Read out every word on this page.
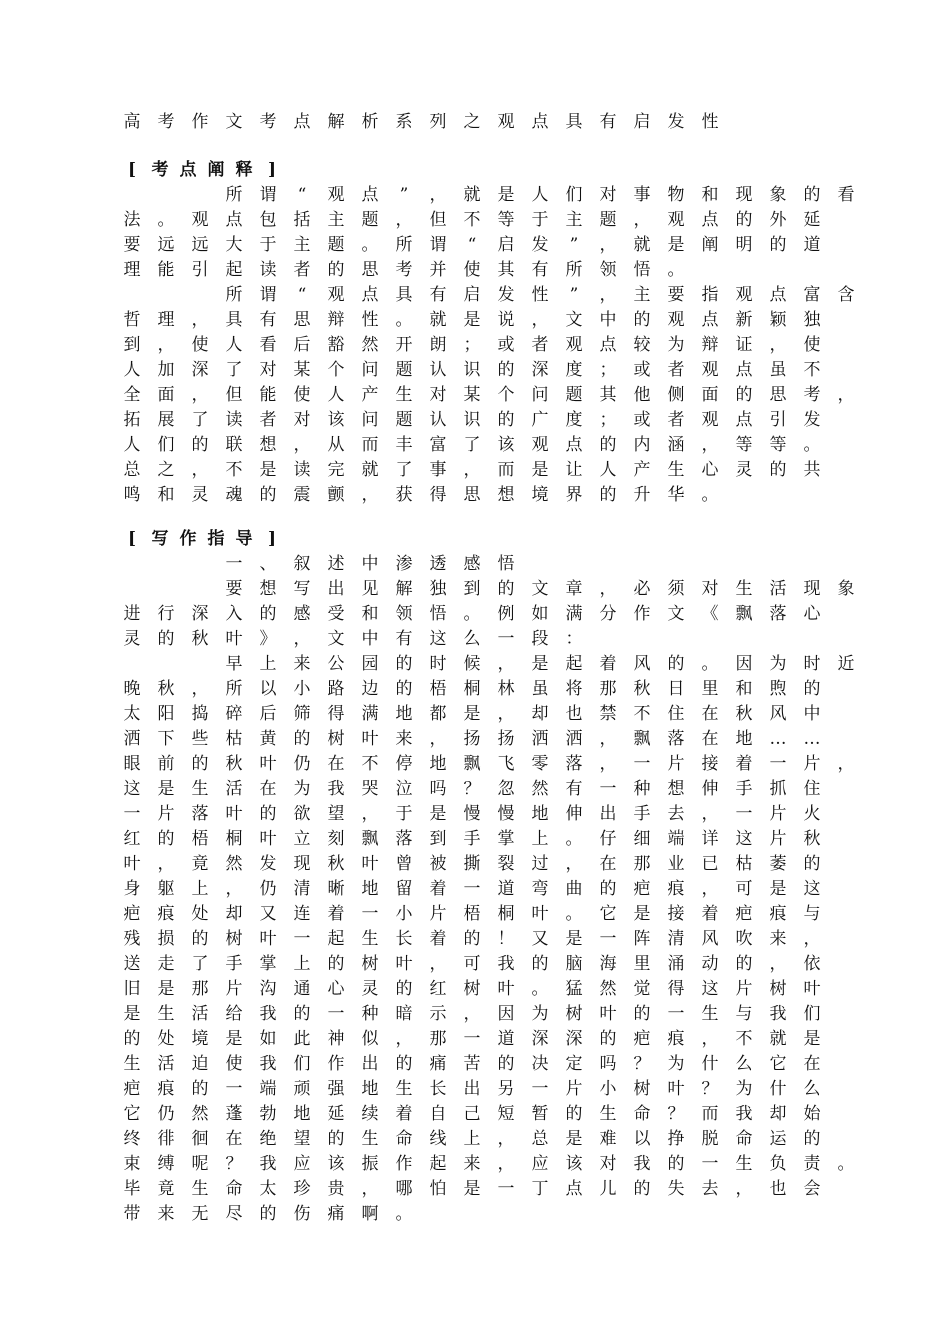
高 考 作 文 考 点 解 析 系 列 之 观 点 具 有 启 发 性
[ 考 点 阐 释 ]
所 谓	“	观 点	”	， 就 是 人 们 对 事 物 和 现 象 的 看
法 。 观 点 包 括 主 题 ， 但 不 等 于 主 题 ， 观 点 的 外 延
要 远 远 大 于 主 题 。 所 谓	“	启 发	”	， 就 是 阐 明 的 道
理 能 引 起 读 者 的 思 考 并 使 其 有 所 领 悟 。
所 谓	“	观 点 具 有 启 发 性	”	， 主 要 指 观 点 富 含
哲 理 ， 具 有 思 辩 性 。 就 是 说 ， 文 中 的 观 点 新 颖 独
到 ， 使 人 看 后 豁 然 开 朗 ； 或 者 观 点 较 为 辩 证 ， 使
人 加 深 了 对 某 个 问 题 认 识 的 深 度 ； 或 者 观 点 虽 不
全 面 ， 但 能 使 人 产 生 对 某 个 问 题 其 他 侧 面 的 思 考 ，
拓 展 了 读 者 对 该 问 题 认 识 的 广 度 ； 或 者 观 点 引 发
人 们 的 联 想 ， 从 而 丰 富 了 该 观 点 的 内 涵 ， 等 等 。
总 之 ， 不 是 读 完 就 了 事 ， 而 是 让 人 产 生 心 灵 的 共
鸣 和 灵 魂 的 震 颤 ， 获 得 思 想 境 界 的 升 华 。
[ 写 作 指 导 ]
一 、 叙 述 中 渗 透 感 悟
要 想 写 出 见 解 独 到 的 文 章 ， 必 须 对 生 活 现 象
进 行 深 入 的 感 受 和 领 悟 。 例 如 满 分 作 文 《 飘 落 心
灵 的 秋 叶 》 ， 文 中 有 这 么 一 段 ：
早 上 来 公 园 的 时 候 ， 是 起 着 风 的 。 因 为 时 近
晚 秋 ， 所 以 小 路 边 的 梧 桐 林 虽 将 那 秋 日 里 和 煦 的
太 阳 捣 碎 后 筛 得 满 地 都 是 ， 却 也 禁 不 住 在 秋 风 中
洒 下 些 枯 黄 的 树 叶 来 ， 扬 扬 洒 洒 ， 飘 落 在 地 … …
眼 前 的 秋 叶 仍 在 不 停 地 飘 飞 零 落 ， 一 片 接 着 一 片 ，
这 是 生 活 在 为 我 哭 泣 吗 ？ 忽 然 有 一 种 想 伸 手 抓 住
一 片 落 叶 的 欲 望 ， 于 是 慢 慢 地 伸 出 手 去 ， 一 片 火
红 的 梧 桐 叶 立 刻 飘 落 到 手 掌 上 。 仔 细 端 详 这 片 秋
叶 ， 竟 然 发 现 秋 叶 曾 被 撕 裂 过 ， 在 那 业 已 枯 萎 的
身 躯 上 ， 仍 清 晰 地 留 着 一 道 弯 曲 的 疤 痕 ， 可 是 这
疤 痕 处 却 又 连 着 一 小 片 梧 桐 叶 。 它 是 接 着 疤 痕 与
残 损 的 树 叶 一 起 生 长 着 的 ！ 又 是 一 阵 清 风 吹 来 ，
送 走 了 手 掌 上 的 树 叶 ， 可 我 的 脑 海 里 涌 动 的 ， 依
旧 是 那 片 沟 通 心 灵 的 红 树 叶 。 猛 然 觉 得 这 片 树 叶
是 生 活 给 我 的 一 种 暗 示 ， 因 为 树 叶 的 一 生 与 我 们
的 处 境 是 如 此 神 似 ， 那 一 道 深 深 的 疤 痕 ， 不 就 是
生 活 迫 使 我 们 作 出 的 痛 苦 的 决 定 吗 ？ 为 什 么 它 在
疤 痕 的 一 端 顽 强 地 生 长 出 另 一 片 小 树 叶 ？ 为 什 么
它 仍 然 蓬 勃 地 延 续 着 自 己 短 暂 的 生 命 ？ 而 我 却 始
终 徘 徊 在 绝 望 的 生 命 线 上 ， 总 是 难 以 挣 脱 命 运 的
束 缚 呢 ？ 我 应 该 振 作 起 来 ， 应 该 对 我 的 一 生 负 责 。
毕 竟 生 命 太 珍 贵 ， 哪 怕 是 一 丁 点 儿 的 失 去 ， 也 会
带 来 无 尽 的 伤 痛 啊 。
